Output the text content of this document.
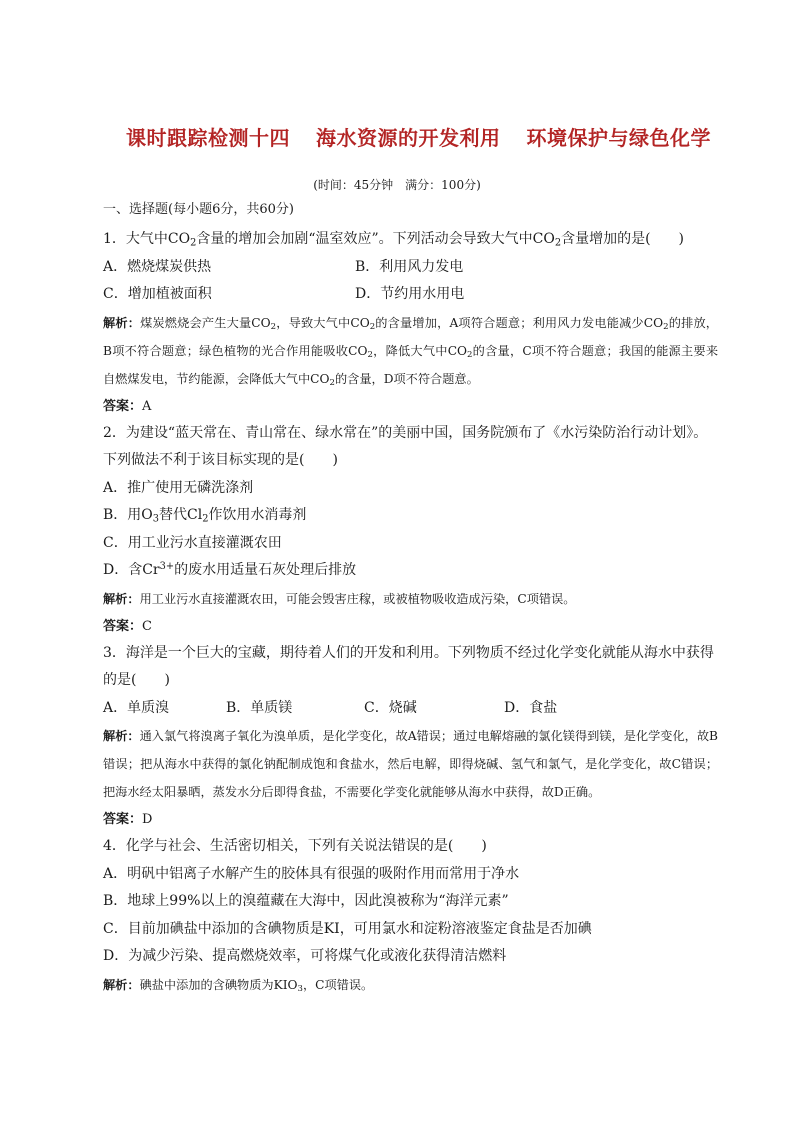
课时跟踪检测十四 海水资源的开发利用 环境保护与绿色化学
(时间：45分钟　满分：100分)
一、选择题(每小题6分，共60分)
1．大气中$CO_2$含量的增加会加剧“温室效应”。下列活动会导致大气中$CO_2$含量增加的是(　　)
A．燃烧煤炭供热	B．利用风力发电
C．增加植被面积	D．节约用水用电
解析：煤炭燃烧会产生大量$CO_2$，导致大气中$CO_2$的含量增加，A项符合题意；利用风力发电能减少$CO_2$的排放，B项不符合题意；绿色植物的光合作用能吸收$CO_2$，降低大气中$CO_2$的含量，C项不符合题意；我国的能源主要来自燃煤发电，节约能源，会降低大气中$CO_2$的含量，D项不符合题意。
答案：A
2．为建设“蓝天常在、青山常在、绿水常在”的美丽中国，国务院颁布了《水污染防治行动计划》。
下列做法不利于该目标实现的是(　　)
A．推广使用无磷洗涤剂
B．用$O_3$替代$Cl_2$作饮用水消毒剂
C．用工业污水直接灌溉农田
D．含$Cr^{3+}$的废水用适量石灰处理后排放
解析：用工业污水直接灌溉农田，可能会毁害庄稼，或被植物吸收造成污染，C项错误。
答案：C
3．海洋是一个巨大的宝藏，期待着人们的开发和利用。下列物质不经过化学变化就能从海水中获得
的是(　　)
A．单质溴	B．单质镁	C．烧碱	D．食盐
解析：通入氯气将溴离子氧化为溴单质，是化学变化，故A错误；通过电解熔融的氯化镁得到镁，是化学变化，故B错误；把从海水中获得的氯化钠配制成饱和食盐水，然后电解，即得烧碱、氢气和氯气，是化学变化，故C错误；把海水经太阳暴晒，蒸发水分后即得食盐，不需要化学变化就能够从海水中获得，故D正确。
答案：D
4．化学与社会、生活密切相关，下列有关说法错误的是(　　)
A．明矾中铝离子水解产生的胶体具有很强的吸附作用而常用于净水
B．地球上99%以上的溴蕴藏在大海中，因此溴被称为“海洋元素”
C．目前加碘盐中添加的含碘物质是KI，可用氯水和淀粉溶液鉴定食盐是否加碘
D．为减少污染、提高燃烧效率，可将煤气化或液化获得清洁燃料
解析：碘盐中添加的含碘物质为$KIO_3$，C项错误。
